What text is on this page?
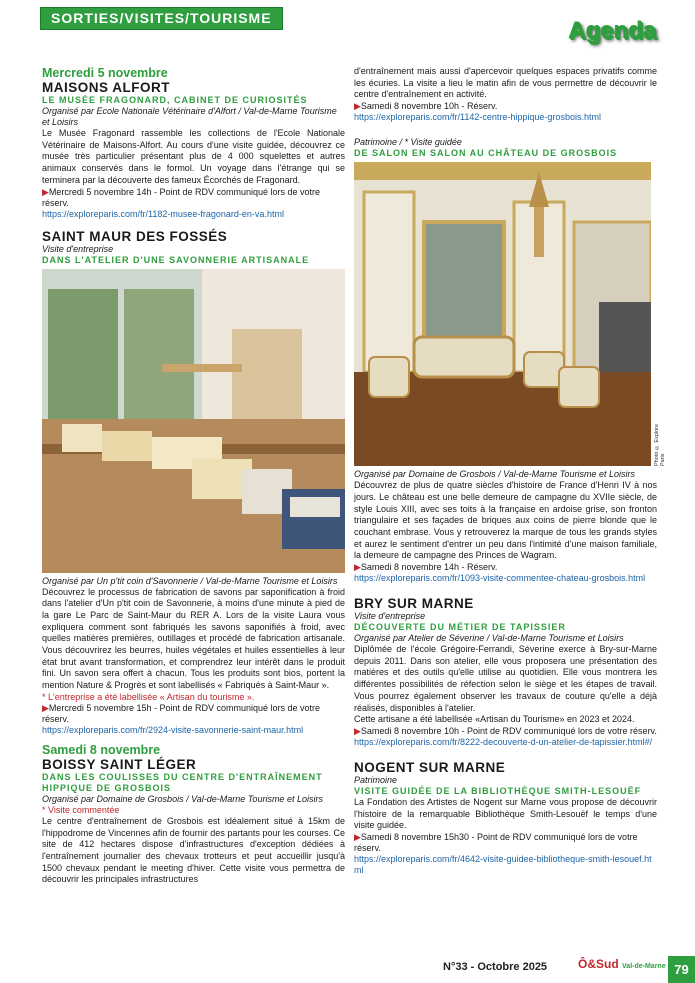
SORTIES/VISITES/TOURISME	Agenda

Mercredi 5 novembre

MAISONS ALFORT

LE MUSÉE FRAGONARD, CABINET DE CURIOSITÉS

Organisé par Ecole Nationale Vétérinaire d'Alfort / Val-de-Marne Tourisme et Loisirs

Le Musée Fragonard rassemble les collections de l'Ecole Nationale Vétérinaire de Maisons-Alfort. Au cours d'une visite guidée, découvrez ce musée très particulier présentant plus de 4 000 squelettes et autres animaux conservés dans le formol. Un voyage dans l'étrange qui se terminera par la découverte des fameux Écorchés de Fragonard.

▶Mercredi 5 novembre 14h - Point de RDV communiqué lors de votre réserv.

https://exploreparis.com/fr/1182-musee-fragonard-en-va.html

SAINT MAUR DES FOSSÉS

Visite d'entreprise

DANS L'ATELIER D'UNE SAVONNERIE ARTISANALE

Organisé par Un p'tit coin d'Savonnerie / Val-de-Marne Tourisme et Loisirs

Découvrez le processus de fabrication de savons par saponification à froid dans l'atelier d'Un p'tit coin de Savonnerie, à moins d'une minute à pied de la gare Le Parc de Saint-Maur du RER A. Lors de la visite Laura vous expliquera comment sont fabriqués les savons saponifiés à froid, avec quelles matières premières, outillages et procédé de fabrication artisanale. Vous découvrirez les beurres, huiles végétales et huiles essentielles à leur état brut avant transformation, et comprendrez leur intérêt dans le produit fini. Un savon sera offert à chacun. Tous les produits sont bios, portent la mention Nature & Progrès et sont labellisés « Fabriqués à Saint-Maur ».

* L'entreprise a été labellisée « Artisan du tourisme ».

▶Mercredi 5 novembre 15h - Point de RDV communiqué lors de votre réserv.

https://exploreparis.com/fr/2924-visite-savonnerie-saint-maur.html

Samedi 8 novembre

BOISSY SAINT LÉGER

DANS LES COULISSES DU CENTRE D'ENTRAÎNEMENT HIPPIQUE DE GROSBOIS

Organisé par Domaine de Grosbois / Val-de-Marne Tourisme et Loisirs

* Visite commentée

Le centre d'entraînement de Grosbois est idéalement situé à 15km de l'hippodrome de Vincennes afin de fournir des partants pour les courses. Ce site de 412 hectares dispose d'infrastructures d'exception dédiées à l'entraînement journalier des chevaux trotteurs et peut accueillir jusqu'à 1500 chevaux pendant le meeting d'hiver. Cette visite vous permettra de découvrir les principales infrastructures

d'entraînement mais aussi d'apercevoir quelques espaces privatifs comme les écuries. La visite a lieu le matin afin de vous permettre de découvrir le centre d'entraînement en activité.

▶Samedi 8 novembre 10h - Réserv.

https://exploreparis.com/fr/1142-centre-hippique-grosbois.html

Patrimoine / * Visite guidée

DE SALON EN SALON AU CHÂTEAU DE GROSBOIS

Photo © Explore Paris

Organisé par Domaine de Grosbois / Val-de-Marne Tourisme et Loisirs

Découvrez de plus de quatre siècles d'histoire de France d'Henri IV à nos jours. Le château est une belle demeure de campagne du XVIIe siècle, de style Louis XIII, avec ses toits à la française en ardoise grise, son fronton triangulaire et ses façades de briques aux coins de pierre blonde que le couchant embrase. Vous y retrouverez la marque de tous les grands styles et aurez le sentiment d'entrer un peu dans l'intimité d'une maison familiale, la demeure de campagne des Princes de Wagram.

▶Samedi 8 novembre 14h - Réserv.

https://exploreparis.com/fr/1093-visite-commentee-chateau-grosbois.html

BRY SUR MARNE

Visite d'entreprise

DÉCOUVERTE DU MÉTIER DE TAPISSIER

Organisé par Atelier de Séverine / Val-de-Marne Tourisme et Loisirs

Diplômée de l'école Grégoire-Ferrandi, Séverine exerce à Bry-sur-Marne depuis 2011. Dans son atelier, elle vous proposera une présentation des matières et des outils qu'elle utilise au quotidien. Elle vous montrera les différentes possibilités de réfection selon le siège et les étapes de travail. Vous pourrez également observer les travaux de couture qu'elle a déjà réalisés, disponibles à l'atelier.

Cette artisane a été labellisée «Artisan du Tourisme» en 2023 et 2024.

▶Samedi 8 novembre 10h - Point de RDV communiqué lors de votre réserv.

https://exploreparis.com/fr/8222-decouverte-d-un-atelier-de-tapissier.html#/

NOGENT SUR MARNE

Patrimoine

VISITE GUIDÉE DE LA BIBLIOTHÈQUE SMITH-LESOUËF

La Fondation des Artistes de Nogent sur Marne vous propose de découvrir l'histoire de la remarquable Bibliothèque Smith-Lesouëf le temps d'une visite guidée.

▶Samedi 8 novembre 15h30 - Point de RDV communiqué lors de votre réserv.

https://exploreparis.com/fr/4642-visite-guidee-bibliotheque-smith-lesouef.html

N°33 - Octobre 2025	Ô&Sud Val-de-Marne 79
